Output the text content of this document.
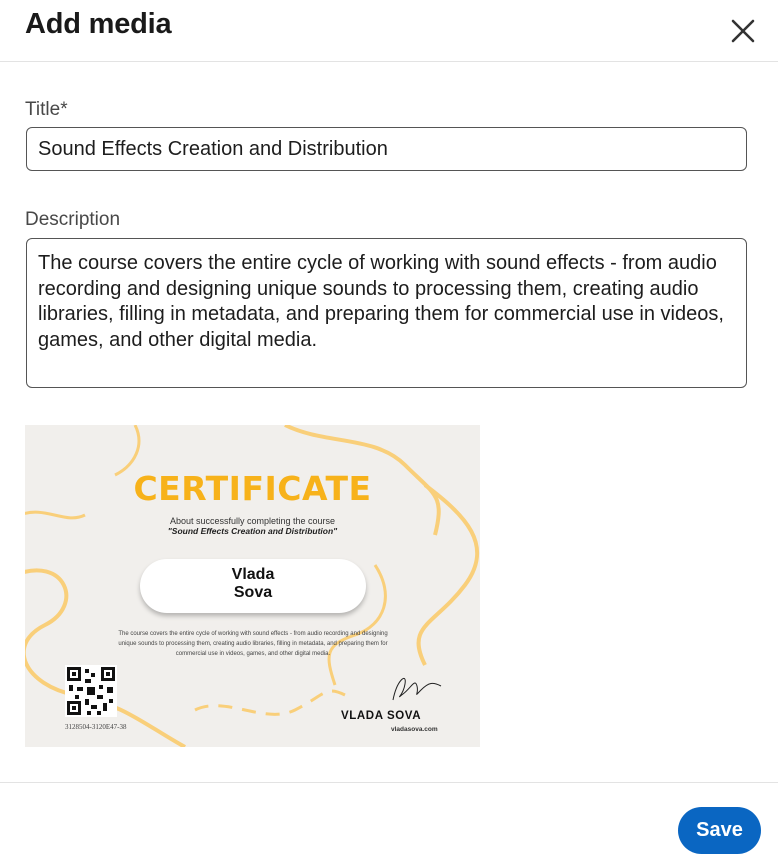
Add media
Title*
Sound Effects Creation and Distribution
Description
The course covers the entire cycle of working with sound effects - from audio recording and designing unique sounds to processing them, creating audio libraries, filling in metadata, and preparing them for commercial use in videos, games, and other digital media.
CERTIFICATE
About successfully completing the course
"Sound Effects Creation and Distribution"
Vlada
Sova
The course covers the entire cycle of working with sound effects - from audio recording and designing unique sounds to processing them, creating audio libraries, filling in metadata, and preparing them for commercial use in videos, games, and other digital media.
3128504-3120E47-38
VLADA SOVA
vladasova.com
Save
